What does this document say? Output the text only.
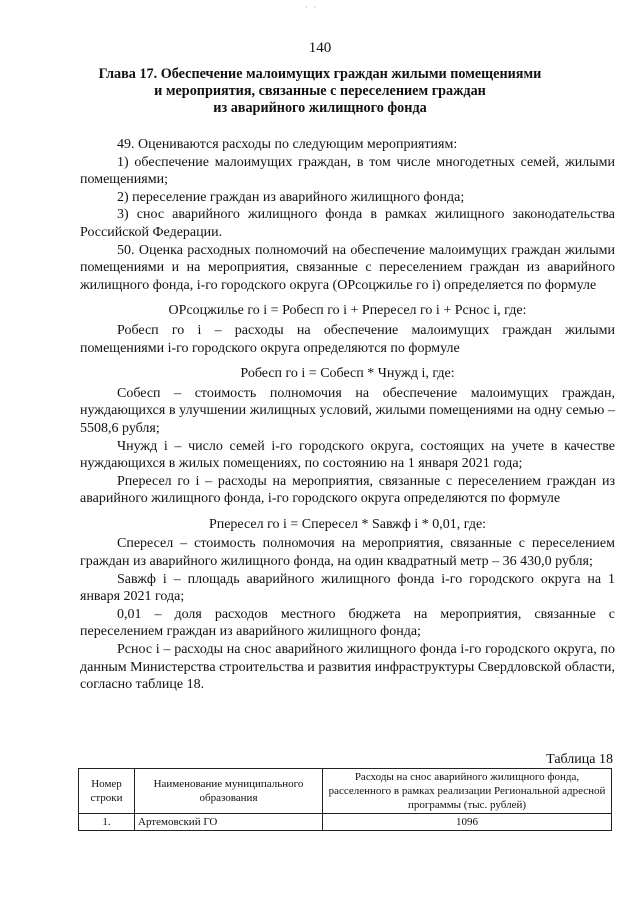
· ·
140
Глава 17. Обеспечение малоимущих граждан жилыми помещениями
и мероприятия, связанные с переселением граждан
из аварийного жилищного фонда

49. Оцениваются расходы по следующим мероприятиям:

1) обеспечение малоимущих граждан, в том числе многодетных семей, жилыми помещениями;

2) переселение граждан из аварийного жилищного фонда;

3) снос аварийного жилищного фонда в рамках жилищного законодательства Российской Федерации.

50. Оценка расходных полномочий на обеспечение малоимущих граждан жилыми помещениями и на мероприятия, связанные с переселением граждан из аварийного жилищного фонда, i-го городского округа (ОРсоцжилье го i) определяется по формуле

ОРсоцжилье го i = Робесп го i + Рпересел го i + Рснос i, где:

Робесп го i – расходы на обеспечение малоимущих граждан жилыми помещениями i-го городского округа определяются по формуле

Робесп го i = Собесп * Чнужд i, где:

Собесп – стоимость полномочия на обеспечение малоимущих граждан, нуждающихся в улучшении жилищных условий, жилыми помещениями на одну семью – 5508,6 рубля;

Чнужд i – число семей i-го городского округа, состоящих на учете в качестве нуждающихся в жилых помещениях, по состоянию на 1 января 2021 года;

Рпересел го i – расходы на мероприятия, связанные с переселением граждан из аварийного жилищного фонда, i-го городского округа определяются по формуле

Рпересел го i = Спересел * Sавжф i * 0,01, где:

Спересел – стоимость полномочия на мероприятия, связанные с переселением граждан из аварийного жилищного фонда, на один квадратный метр – 36 430,0 рубля;

Sавжф i – площадь аварийного жилищного фонда i-го городского округа на 1 января 2021 года;

0,01 – доля расходов местного бюджета на мероприятия, связанные с переселением граждан из аварийного жилищного фонда;

Рснос i – расходы на снос аварийного жилищного фонда i-го городского округа, по данным Министерства строительства и развития инфраструктуры Свердловской области, согласно таблице 18.

Таблица 18
Номер строки	Наименование муниципального образования	Расходы на снос аварийного жилищного фонда, расселенного в рамках реализации Региональной адресной программы (тыс. рублей)
1.	Артемовский ГО	1096
